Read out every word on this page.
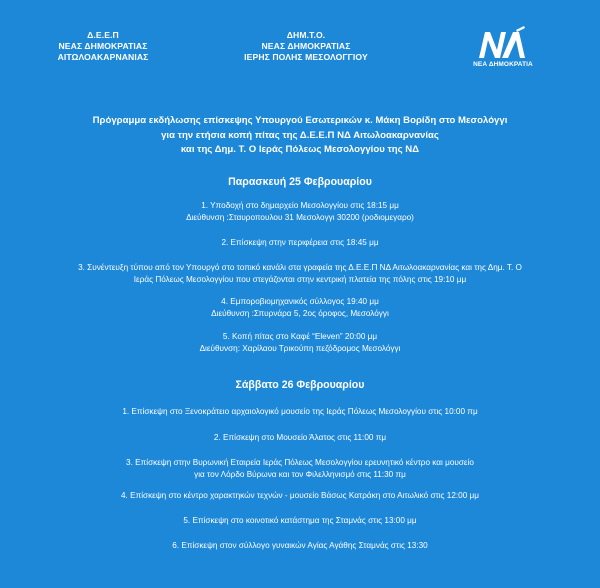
Δ.Ε.Ε.Π
ΝΕΑΣ ΔΗΜΟΚΡΑΤΙΑΣ
ΑΙΤΩΛΟΑΚΑΡΝΑΝΙΑΣ
ΔΗΜ.Τ.Ο.
ΝΕΑΣ ΔΗΜΟΚΡΑΤΙΑΣ
ΙΕΡΗΣ ΠΟΛΗΣ ΜΕΣΟΛΟΓΓΙΟΥ
ΝΕΑ ΔΗΜΟΚΡΑΤΙΑ
Πρόγραμμα εκδήλωσης επίσκεψης Υπουργού Εσωτερικών κ. Μάκη Βορίδη στο Μεσολόγγι
για την ετήσια κοπή πίτας της Δ.Ε.Ε.Π ΝΔ Αιτωλοακαρνανίας
και της Δημ. Τ. Ο Ιεράς Πόλεως Μεσολογγίου της ΝΔ
Παρασκευή 25 Φεβρουαρίου
1. Υποδοχή στο δημαρχείο Μεσολογγίου στις 18:15 μμ
Διεύθυνση :Σταυροπουλου 31 Μεσολογγι 30200 (ροδιομεγαρο)
2. Επίσκεψη στην περιφέρεια στις 18:45 μμ
3. Συνέντευξη τύπου από τον Υπουργό στο τοπικό κανάλι στα γραφεία της Δ.Ε.Ε.Π ΝΔ Αιτωλοακαρνανίας και της Δημ. Τ. Ο
Ιεράς Πόλεως Μεσολογγίου που στεγάζονται στην κεντρική πλατεία της πόλης στις 19:10 μμ
4. Εμποροβιομηχανικός σύλλογος 19:40 μμ
Διεύθυνση :Σπυρνάρα 5, 2ος όροφος, Μεσολόγγι
5. Κοπή πίτας στο Καφέ “Eleven” 20:00 μμ
Διεύθυνση: Χαρίλαου Τρικούπη πεζόδρομος Μεσολόγγι
Σάββατο 26 Φεβρουαρίου
1. Επίσκεψη στο Ξενοκράτειο αρχαιολογικό μουσείο της Ιεράς Πόλεως Μεσολογγίου στις 10:00 πμ
2. Επίσκεψη στο Μουσείο Άλατος στις 11:00 πμ
3. Επίσκεψη στην Βυρωνική Εταιρεία Ιεράς Πόλεως Μεσολογγίου ερευνητικό κέντρο και μουσείο
για τον Λόρδο Βύρωνα και τον Φιλελληνισμό στις 11:30 πμ
4. Επίσκεψη στο κέντρο χαρακτηκών τεχνών - μουσείο Βάσως Κατράκη στο Αιτωλικό στις 12:00 μμ
5. Επίσκεψη στο κοινοτικό κατάστημα της Σταμνάς στις 13:00 μμ
6. Επίσκεψη στον σύλλογο γυναικών Αγίας Αγάθης Σταμνάς στις 13:30
